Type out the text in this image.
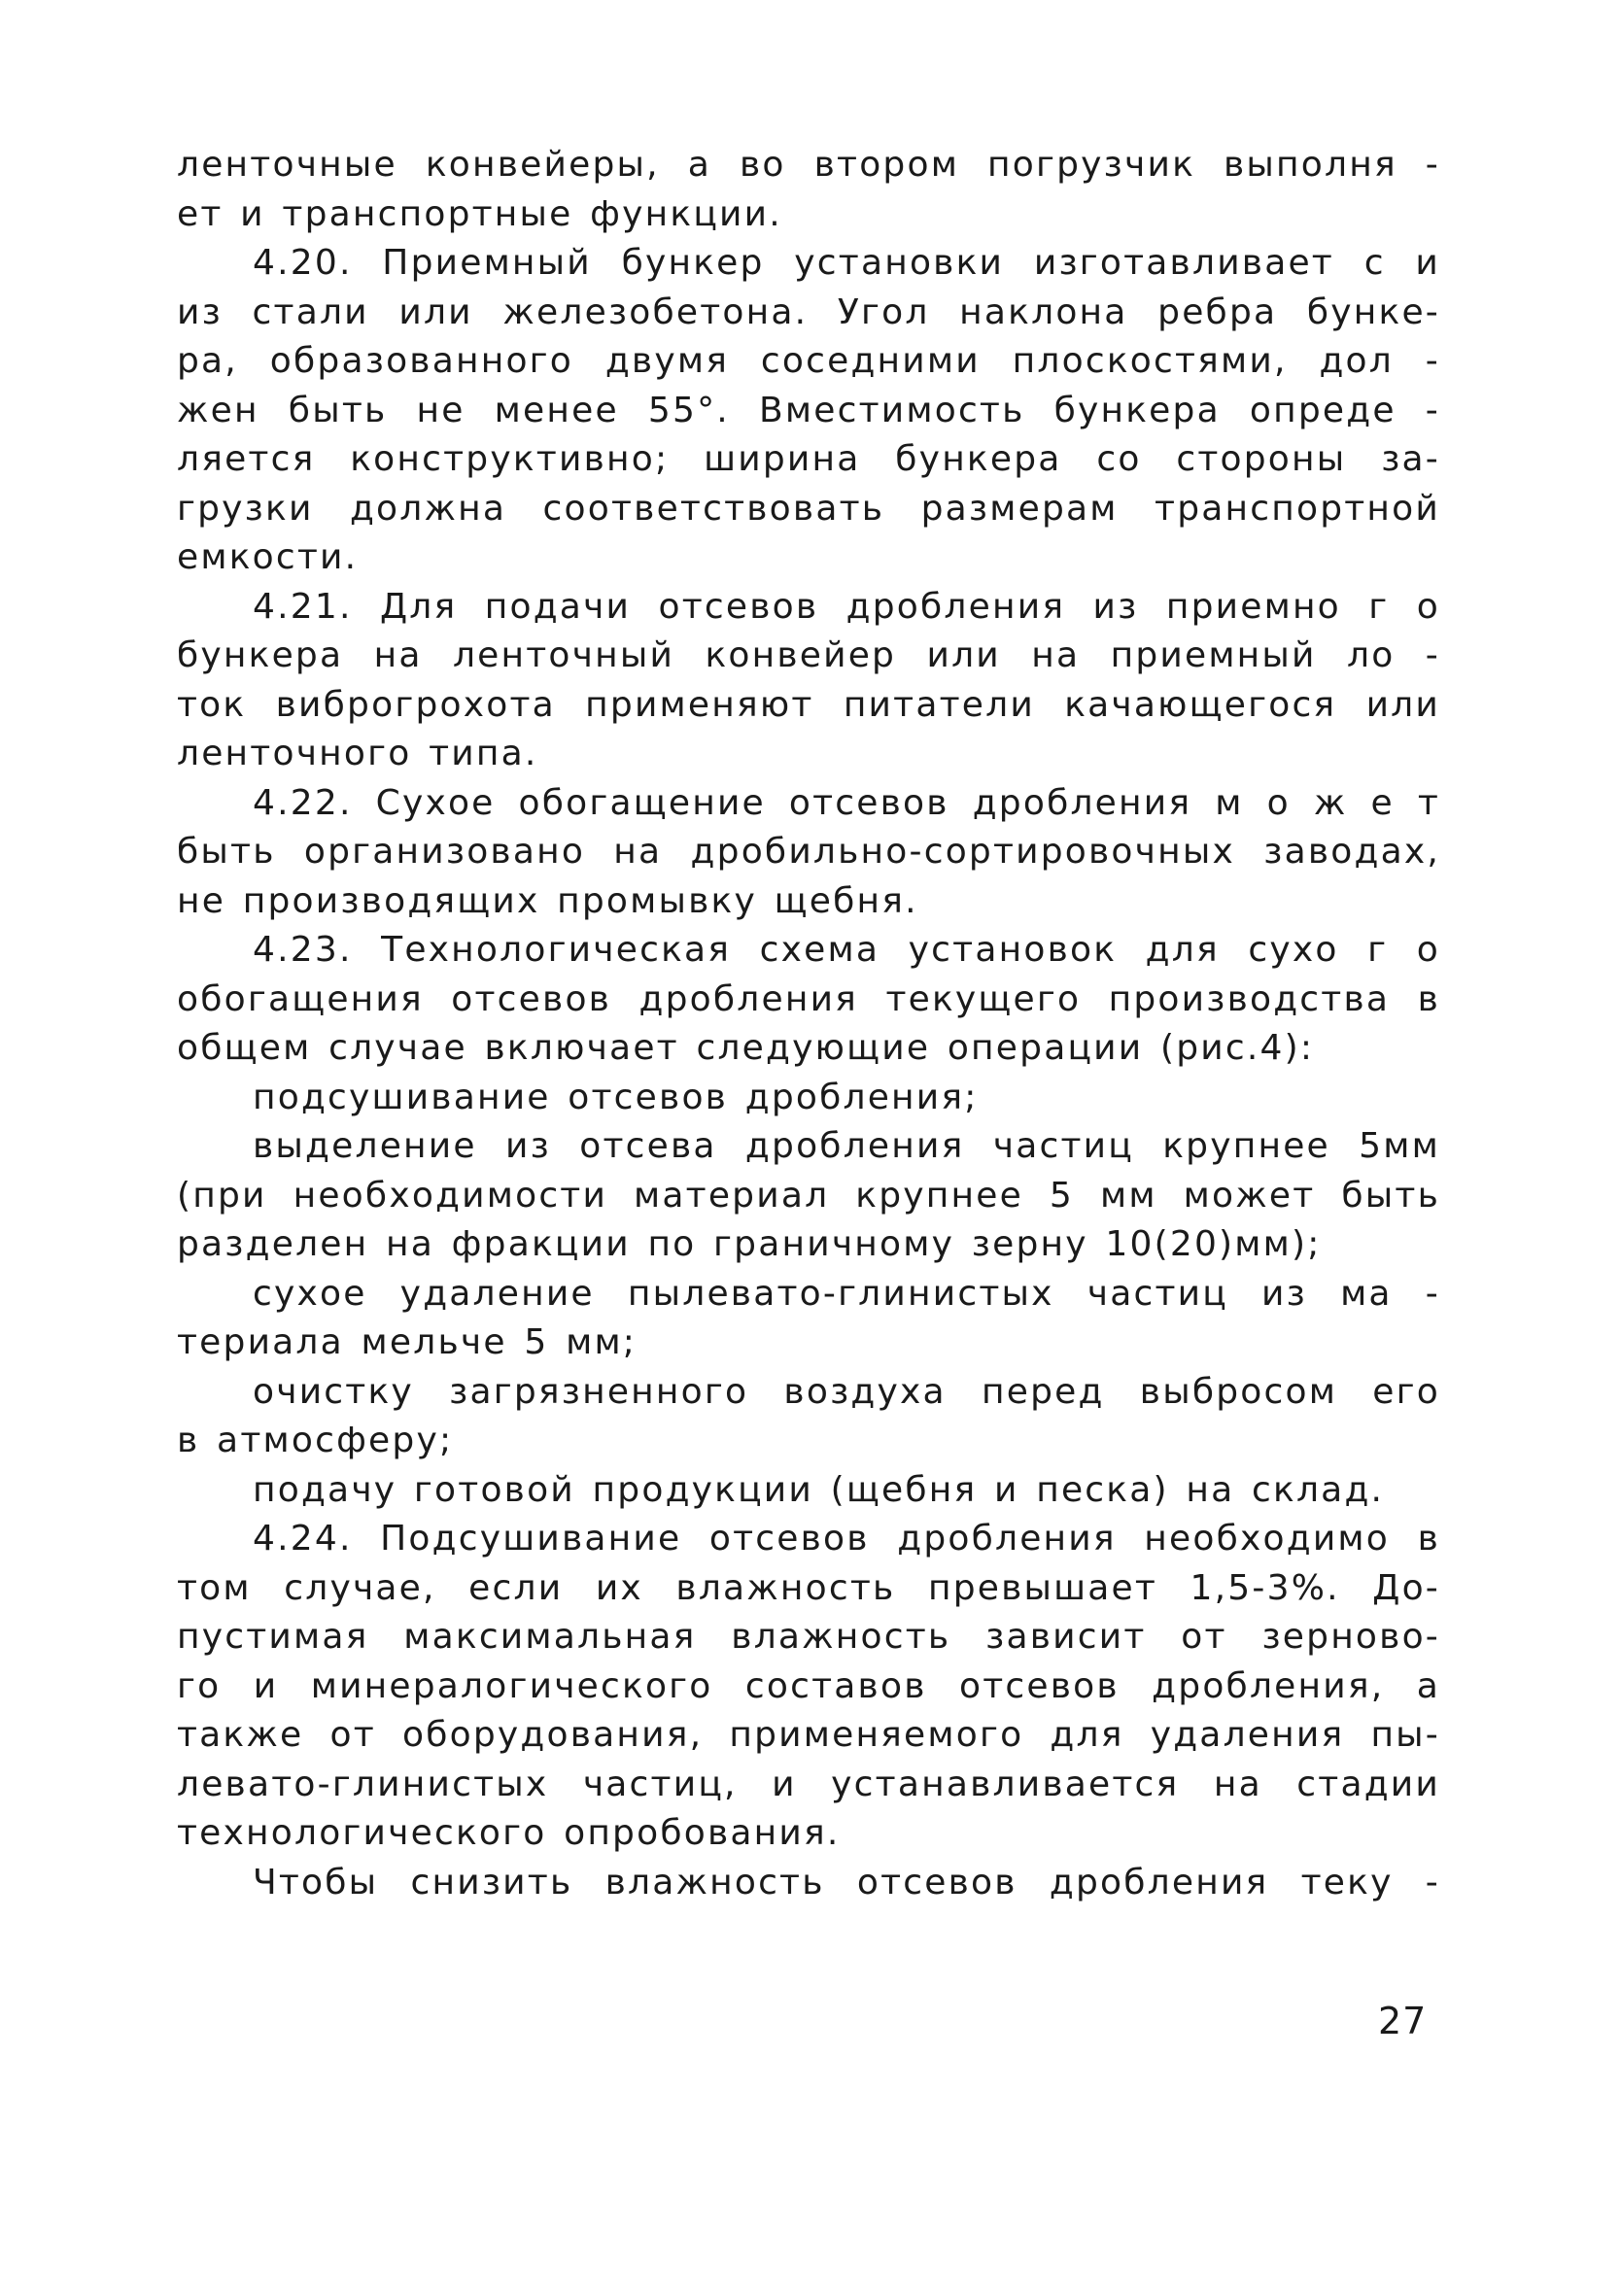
ленточные конвейеры, а во втором погрузчик выполня -
ет и транспортные функции.
4.20. Приемный бункер установки изготавливает с и
из стали или железобетона. Угол наклона ребра бунке-
ра, образованного двумя соседними плоскостями, дол -
жен быть не менее 55°. Вместимость бункера опреде -
ляется конструктивно; ширина бункера со стороны за-
грузки должна соответствовать размерам транспортной
емкости.
4.21. Для подачи отсевов дробления из приемно г о
бункера на ленточный конвейер или на приемный ло -
ток виброгрохота применяют питатели качающегося или
ленточного типа.
4.22. Сухое обогащение отсевов дробления м о ж е т
быть организовано на дробильно-сортировочных заводах,
не производящих промывку щебня.
4.23. Технологическая схема установок для сухо г о
обогащения отсевов дробления текущего производства в
общем случае включает следующие операции (рис.4):
подсушивание отсевов дробления;
выделение из отсева дробления частиц крупнее 5мм
(при необходимости материал крупнее 5 мм может быть
разделен на фракции по граничному зерну 10(20)мм);
сухое удаление пылевато-глинистых частиц из ма -
териала мельче 5 мм;
очистку загрязненного воздуха перед выбросом его
в атмосферу;
подачу готовой продукции (щебня и песка) на склад.
4.24. Подсушивание отсевов дробления необходимо в
том случае, если их влажность превышает 1,5-3%. До-
пустимая максимальная влажность зависит от зерново-
го и минералогического составов отсевов дробления, а
также от оборудования, применяемого для удаления пы-
левато-глинистых частиц, и устанавливается на стадии
технологического опробования.
Чтобы снизить влажность отсевов дробления теку -
27
